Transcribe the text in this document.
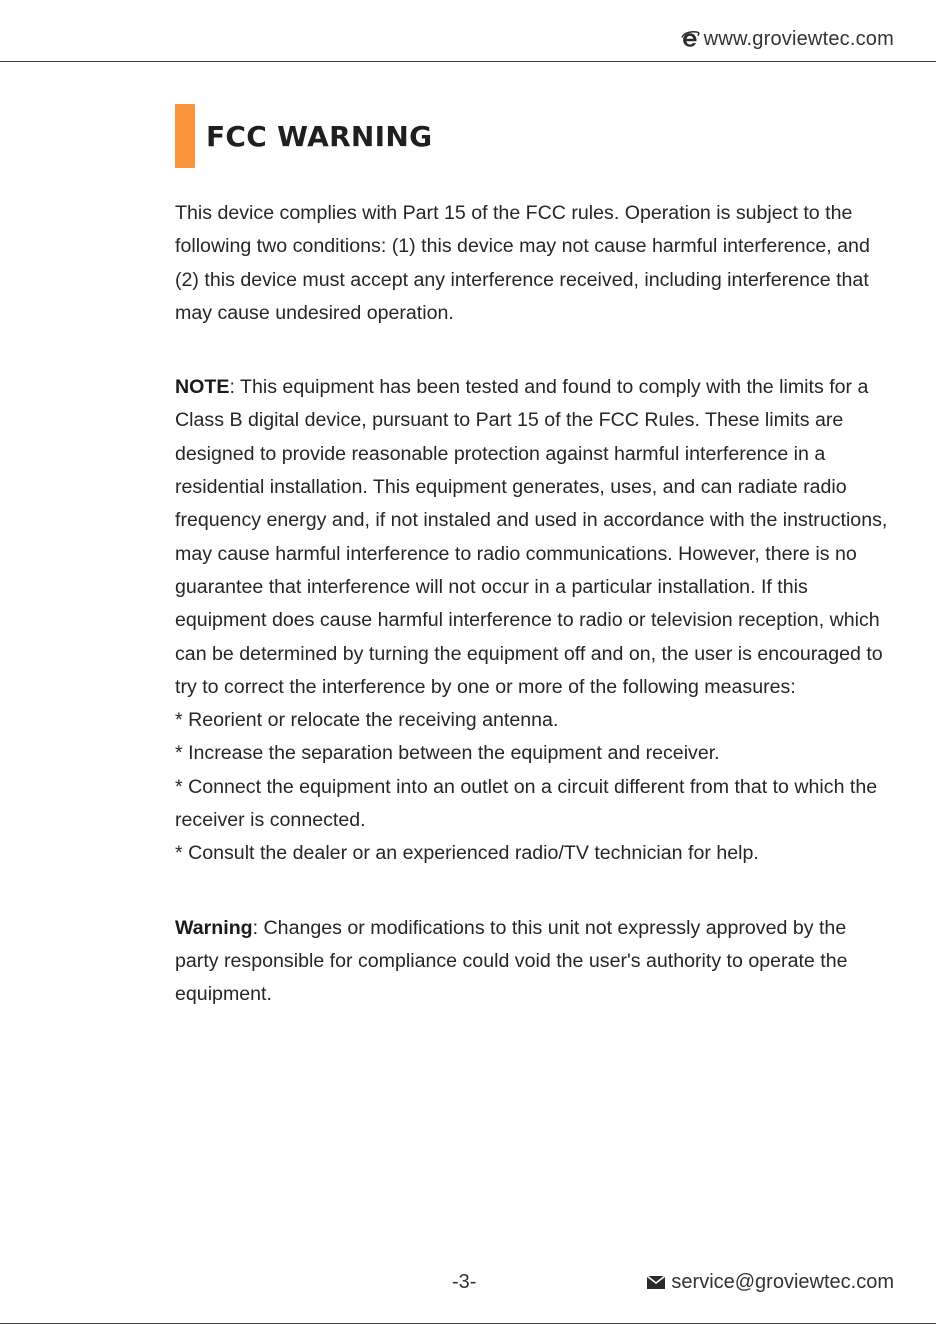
www.groviewtec.com
FCC WARNING

This device complies with Part 15 of the FCC rules. Operation is subject to the following two conditions: (1) this device may not cause harmful interference, and (2) this device must accept any interference received, including interference that may cause undesired operation.

NOTE: This equipment has been tested and found to comply with the limits for a Class B digital device, pursuant to Part 15 of the FCC Rules. These limits are designed to provide reasonable protection against harmful interference in a residential installation. This equipment generates, uses, and can radiate radio frequency energy and, if not instaled and used in accordance with the instructions, may cause harmful interference to radio communications. However, there is no guarantee that interference will not occur in a particular installation. If this equipment does cause harmful interference to radio or television reception, which can be determined by turning the equipment off and on, the user is encouraged to try to correct the interference by one or more of the following measures:
* Reorient or relocate the receiving antenna.
* Increase the separation between the equipment and receiver.
* Connect the equipment into an outlet on a circuit different from that to which the receiver is connected.
* Consult the dealer or an experienced radio/TV technician for help.

Warning: Changes or modifications to this unit not expressly approved by the party responsible for compliance could void the user's authority to operate the equipment.

-3-	service@groviewtec.com
